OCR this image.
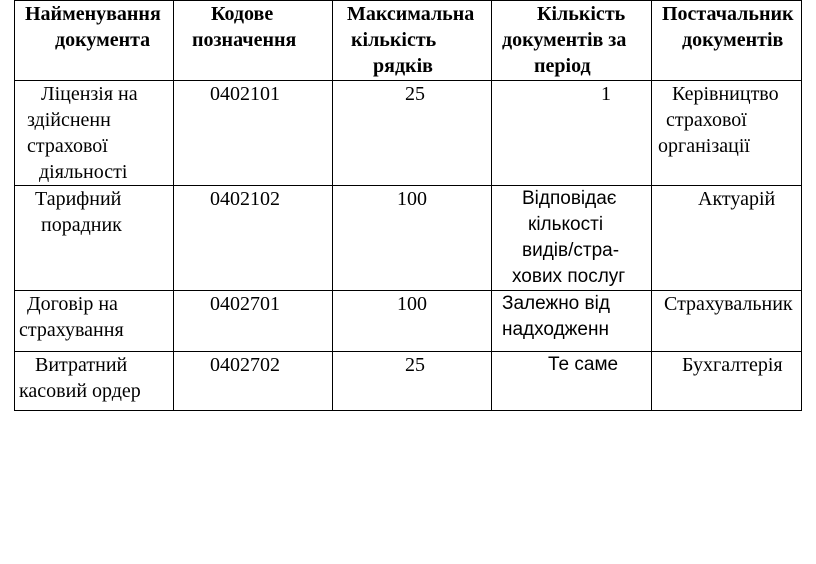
Найменування
документа	Кодове
позначення	Максимальна
кількість
рядків	Кількість
документів за
період	Постачальник
документів

Ліцензія на
здійсненн
страхової
діяльності	0402101	25	1	Керівництво
страхової
організації

Тарифний
порадник	0402102	100	Відповідає
кількості
видів/стра-
хових послуг	Актуарій

Договір на
страхування	0402701	100	Залежно від
надходженн	Страхувальник

Витратний
касовий ордер	0402702	25	Те саме	Бухгалтерія
